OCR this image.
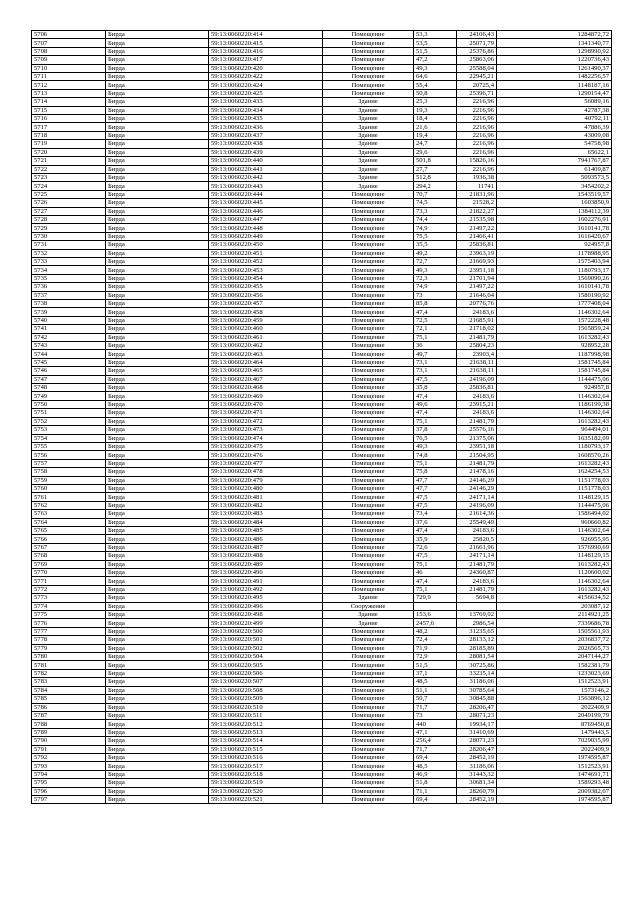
5706	Бирда	59:13:0060220:414	Помещение	53,3	24106,43	1284872,72
5707	Бирда	59:13:0060220:415	Помещение	53,5	25071,79	1341340,77
5708	Бирда	59:13:0060220:416	Помещение	51,5	25376,86	1298990,92
5709	Бирда	59:13:0060220:417	Помещение	47,2	25863,06	1220736,43
5710	Бирда	59:13:0060220:420	Помещение	49,3	25588,04	1261490,37
5711	Бирда	59:13:0060220:422	Помещение	64,6	22945,21	1482256,57
5712	Бирда	59:13:0060220:424	Помещение	55,4	20725,4	1148187,16
5713	Бирда	59:13:0060220:425	Помещение	50,8	25396,71	1290154,47
5714	Бирда	59:13:0060220:433	Здание	25,3	2216,96	56089,16
5715	Бирда	59:13:0060220:434	Здание	19,3	2216,96	42787,38
5716	Бирда	59:13:0060220:435	Здание	18,4	2216,96	40792,11
5717	Бирда	59:13:0060220:436	Здание	21,6	2216,96	47886,39
5718	Бирда	59:13:0060220:437	Здание	19,4	2216,96	43009,08
5719	Бирда	59:13:0060220:438	Здание	24,7	2216,96	54758,98
5720	Бирда	59:13:0060220:439	Здание	29,6	2216,96	65622,1
5721	Бирда	59:13:0060220:440	Здание	501,8	15826,16	7941767,87
5722	Бирда	59:13:0060220:441	Здание	27,7	2216,96	61409,87
5723	Бирда	59:13:0060220:442	Здание	512,8	1936,38	5093573,5
5724	Бирда	59:13:0060220:443	Здание	294,2	11741	3454202,2
5725	Бирда	59:13:0060220:444	Помещение	70,7	21831,96	1543519,57
5726	Бирда	59:13:0060220:445	Помещение	74,5	21528,2	1603850,9
5727	Бирда	59:13:0060220:446	Помещение	73,3	21822,27	1384112,39
5728	Бирда	59:13:0060220:447	Помещение	74,4	21535,98	1602276,91
5729	Бирда	59:13:0060220:448	Помещение	74,9	21497,22	1610141,78
5730	Бирда	59:13:0060220:449	Помещение	75,5	21466,41	1616420,67
5731	Бирда	59:13:0060220:450	Помещение	35,5	25836,81	924957,8
5732	Бирда	59:13:0060220:451	Помещение	49,2	23963,19	1178988,95
5733	Бирда	59:13:0060220:452	Помещение	72,7	21669,93	1575403,94
5734	Бирда	59:13:0060220:453	Помещение	49,3	23951,18	1180793,17
5735	Бирда	59:13:0060220:454	Помещение	72,3	21701,94	1569090,26
5736	Бирда	59:13:0060220:455	Помещение	74,9	21497,22	1610141,78
5737	Бирда	59:13:0060220:456	Помещение	73	21646,04	1580190,92
5738	Бирда	59:13:0060220:457	Помещение	85,8	20776,76	1777408,04
5739	Бирда	59:13:0060220:458	Помещение	47,4	24183,6	1146302,64
5740	Бирда	59:13:0060220:459	Помещение	72,5	21685,91	1572228,48
5741	Бирда	59:13:0060220:460	Помещение	72,1	21718,02	1565859,24
5742	Бирда	59:13:0060220:461	Помещение	75,1	21481,79	1613282,43
5743	Бирда	59:13:0060220:462	Помещение	36	25804,23	928952,28
5744	Бирда	59:13:0060220:463	Помещение	49,7	23903,4	1187998,98
5745	Бирда	59:13:0060220:464	Помещение	73,1	21638,11	1581745,84
5746	Бирда	59:13:0060220:465	Помещение	73,1	21638,11	1581745,84
5747	Бирда	59:13:0060220:467	Помещение	47,5	24196,09	1144475,06
5748	Бирда	59:13:0060220:468	Помещение	35,8	25836,81	924957,8
5749	Бирда	59:13:0060220:469	Помещение	47,4	24183,6	1146302,64
5750	Бирда	59:13:0060220:470	Помещение	49,6	23915,21	1186199,38
5751	Бирда	59:13:0060220:471	Помещение	47,4	24183,6	1146302,64
5752	Бирда	59:13:0060220:472	Помещение	75,1	21481,79	1613282,43
5753	Бирда	59:13:0060220:473	Помещение	37,8	25576,16	964494,01
5754	Бирда	59:13:0060220:474	Помещение	76,5	21375,06	1635182,09
5755	Бирда	59:13:0060220:475	Помещение	49,3	23951,18	1180793,17
5756	Бирда	59:13:0060220:476	Помещение	74,8	21504,95	1608570,26
5757	Бирда	59:13:0060220:477	Помещение	75,1	21481,79	1613282,43
5758	Бирда	59:13:0060220:478	Помещение	75,8	21478,16	1624254,53
5759	Бирда	59:13:0060220:479	Помещение	47,7	24146,29	1151778,03
5760	Бирда	59:13:0060220:480	Помещение	47,7	24146,29	1151778,03
5761	Бирда	59:13:0060220:481	Помещение	47,5	24171,14	1148129,15
5762	Бирда	59:13:0060220:482	Помещение	47,5	24196,09	1144475,06
5763	Бирда	59:13:0060220:483	Помещение	73,4	21614,36	1586494,02
5764	Бирда	59:13:0060220:484	Помещение	37,6	25549,49	960660,82
5765	Бирда	59:13:0060220:485	Помещение	47,4	24183,6	1146302,64
5766	Бирда	59:13:0060220:486	Помещение	35,9	25820,5	926955,95
5767	Бирда	59:13:0060220:487	Помещение	72,6	21661,96	1576990,69
5768	Бирда	59:13:0060220:488	Помещение	47,5	24171,14	1148129,15
5769	Бирда	59:13:0060220:489	Помещение	75,1	21481,79	1613282,43
5770	Бирда	59:13:0060220:490	Помещение	46	24360,87	1120600,02
5771	Бирда	59:13:0060220:491	Помещение	47,4	24183,6	1146302,64
5772	Бирда	59:13:0060220:492	Помещение	75,1	21481,79	1613282,43
5773	Бирда	59:13:0060220:495	Здание	729,9	5694,8	4156634,52
5774	Бирда	59:13:0060220:496	Сооружение			203087,12
5775	Бирда	59:13:0060220:498	Здание	153,6	13769,02	2114921,25
5776	Бирда	59:13:0060220:499	Здание	2457,6	2986,54	7339686,78
5777	Бирда	59:13:0060220:500	Помещение	48,2	31235,65	1505561,93
5778	Бирда	59:13:0060220:501	Помещение	72,4	28133,12	2036837,72
5779	Бирда	59:13:0060220:502	Помещение	71,9	28185,89	2026565,73
5780	Бирда	59:13:0060220:504	Помещение	72,9	28081,54	2047144,27
5781	Бирда	59:13:0060220:505	Помещение	51,5	30725,86	1582381,79
5782	Бирда	59:13:0060220:506	Помещение	37,1	33235,14	1233023,69
5783	Бирда	59:13:0060220:507	Помещение	48,5	31186,06	1512523,91
5784	Бирда	59:13:0060220:508	Помещение	51,1	30785,64	1573146,2
5785	Бирда	59:13:0060220:509	Помещение	50,7	30845,88	1563896,12
5786	Бирда	59:13:0060220:510	Помещение	71,7	28206,47	2022409,9
5787	Бирда	59:13:0060220:511	Помещение	73	28071,23	2049199,79
5788	Бирда	59:13:0060220:512	Помещение	440	19934,17	8769450,8
5789	Бирда	59:13:0060220:513	Помещение	47,1	31410,69	1479443,5
5790	Бирда	59:13:0060220:514	Помещение	256,4	28071,23	7029035,99
5791	Бирда	59:13:0060220:515	Помещение	71,7	28206,47	2022409,9
5792	Бирда	59:13:0060220:516	Помещение	69,4	28452,19	1974595,87
5793	Бирда	59:13:0060220:517	Помещение	48,5	31186,06	1512523,91
5794	Бирда	59:13:0060220:518	Помещение	46,9	31443,32	1474691,71
5795	Бирда	59:13:0060220:519	Помещение	51,8	30681,34	1589293,48
5796	Бирда	59:13:0060220:520	Помещение	71,1	28260,79	2009382,07
5797	Бирда	59:13:0060220:521	Помещение	69,4	28452,19	1974595,87
